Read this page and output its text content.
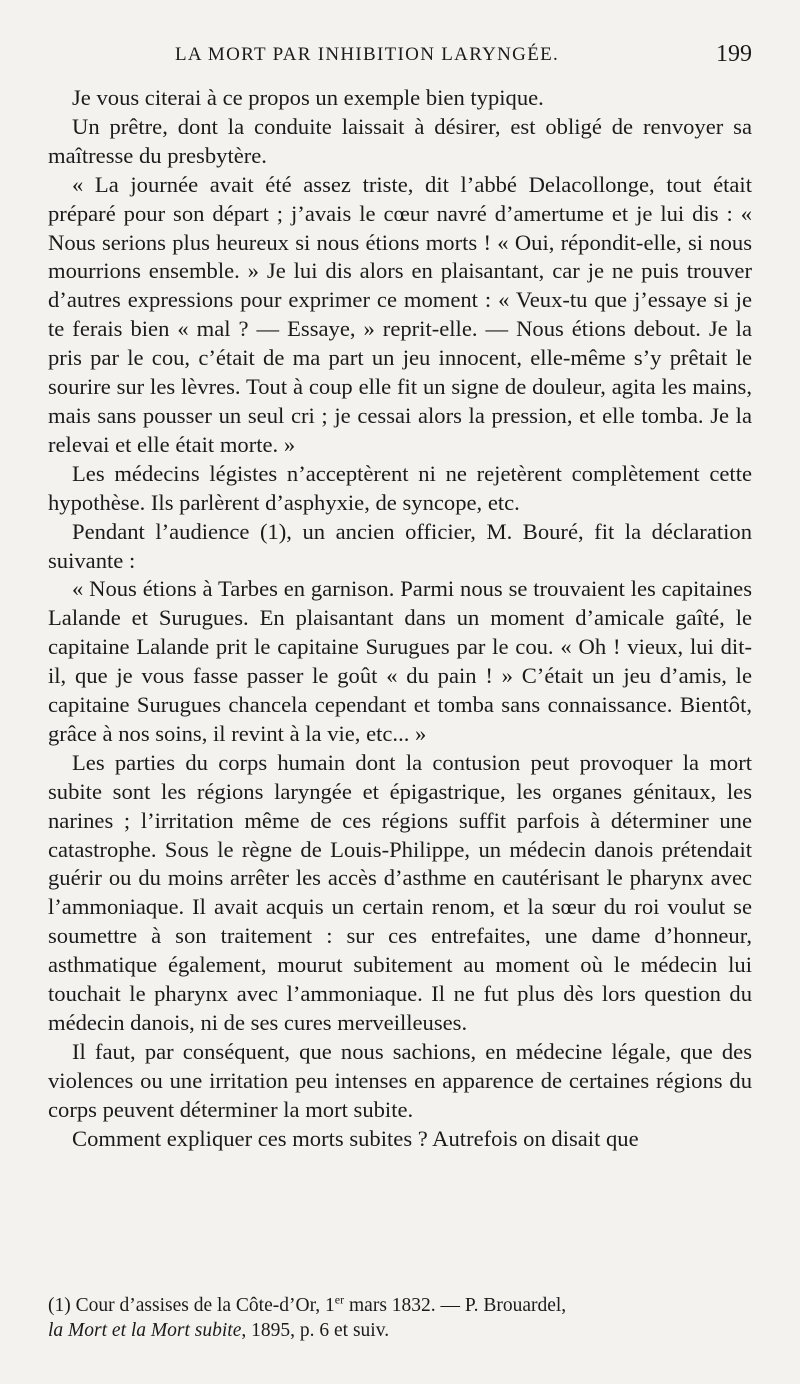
LA MORT PAR INHIBITION LARYNGÉE.	199

Je vous citerai à ce propos un exemple bien typique.

Un prêtre, dont la conduite laissait à désirer, est obligé de renvoyer sa maîtresse du presbytère.

« La journée avait été assez triste, dit l’abbé Delacollonge, tout était préparé pour son départ ; j’avais le cœur navré d’amertume et je lui dis : « Nous serions plus heureux si nous étions morts ! « Oui, répondit-elle, si nous mourrions ensemble. » Je lui dis alors en plaisantant, car je ne puis trouver d’autres expressions pour exprimer ce moment : « Veux-tu que j’essaye si je te ferais bien « mal ? — Essaye, » reprit-elle. — Nous étions debout. Je la pris par le cou, c’était de ma part un jeu innocent, elle-même s’y prêtait le sourire sur les lèvres. Tout à coup elle fit un signe de douleur, agita les mains, mais sans pousser un seul cri ; je cessai alors la pression, et elle tomba. Je la relevai et elle était morte. »

Les médecins légistes n’acceptèrent ni ne rejetèrent complètement cette hypothèse. Ils parlèrent d’asphyxie, de syncope, etc.

Pendant l’audience (1), un ancien officier, M. Bouré, fit la déclaration suivante :

« Nous étions à Tarbes en garnison. Parmi nous se trouvaient les capitaines Lalande et Surugues. En plaisantant dans un moment d’amicale gaîté, le capitaine Lalande prit le capitaine Surugues par le cou. « Oh ! vieux, lui dit-il, que je vous fasse passer le goût « du pain ! » C’était un jeu d’amis, le capitaine Surugues chancela cependant et tomba sans connaissance. Bientôt, grâce à nos soins, il revint à la vie, etc... »

Les parties du corps humain dont la contusion peut provoquer la mort subite sont les régions laryngée et épigastrique, les organes génitaux, les narines ; l’irritation même de ces régions suffit parfois à déterminer une catastrophe. Sous le règne de Louis-Philippe, un médecin danois prétendait guérir ou du moins arrêter les accès d’asthme en cautérisant le pharynx avec l’ammoniaque. Il avait acquis un certain renom, et la sœur du roi voulut se soumettre à son traitement : sur ces entrefaites, une dame d’honneur, asthmatique également, mourut subitement au moment où le médecin lui touchait le pharynx avec l’ammoniaque. Il ne fut plus dès lors question du médecin danois, ni de ses cures merveilleuses.

Il faut, par conséquent, que nous sachions, en médecine légale, que des violences ou une irritation peu intenses en apparence de certaines régions du corps peuvent déterminer la mort subite.

Comment expliquer ces morts subites ? Autrefois on disait que

(1) Cour d’assises de la Côte-d’Or, 1er mars 1832. — P. Brouardel,
la Mort et la Mort subite, 1895, p. 6 et suiv.
